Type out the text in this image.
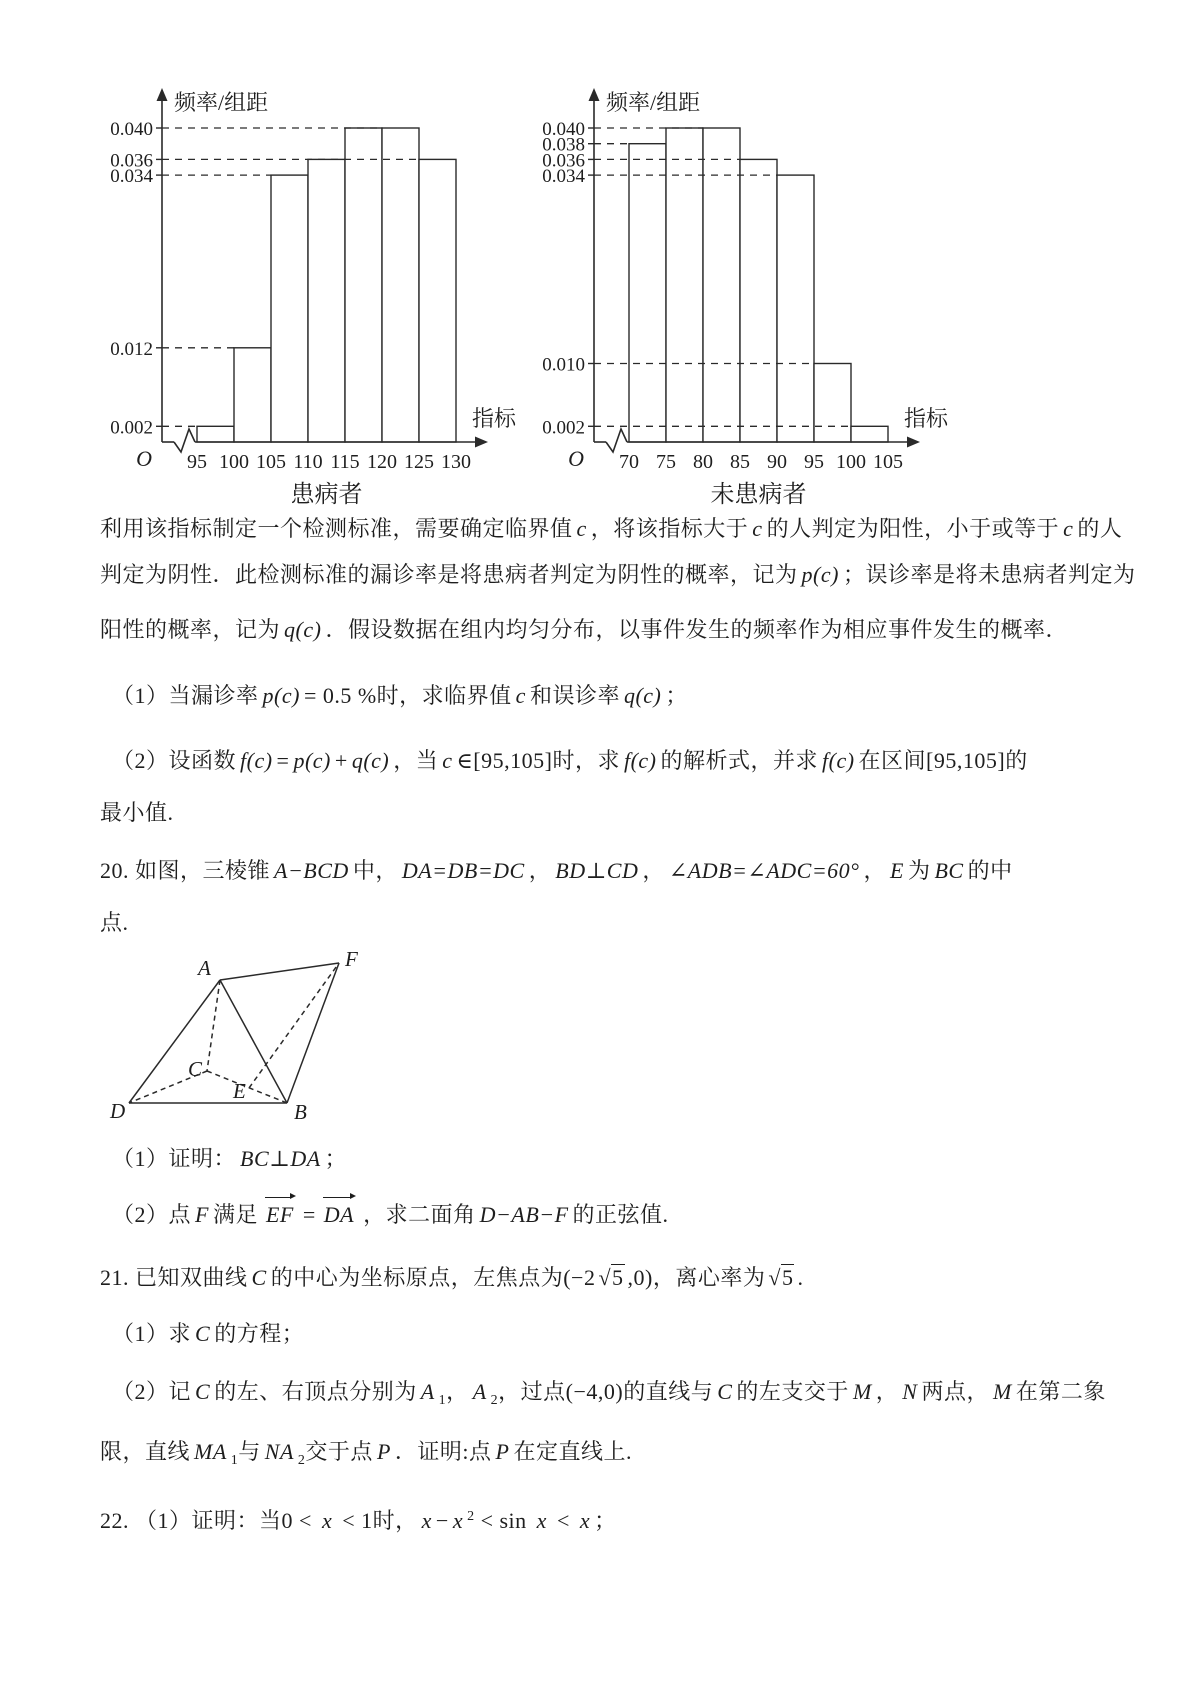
0.040
0.036
0.034
0.012
0.002
95 100 105 110 115 120 125 130
频率/组距
指标
O
患病者
0.040
0.038
0.036
0.034
0.010
0.002
70 75 80 85 90 95 100 105
频率/组距
指标
O
未患病者
A	F
C
E
D	B
利用该指标制定一个检测标准，需要确定临界值 c ，将该指标大于 c 的人判定为阳性，小于或等于 c 的人
判定为阴性．此检测标准的漏诊率是将患病者判定为阴性的概率，记为 p(c) ；误诊率是将未患病者判定为
阳性的概率，记为 q(c) ．假设数据在组内均匀分布，以事件发生的频率作为相应事件发生的概率．
（1）当漏诊率 p(c) = 0.5 %时，求临界值 c 和误诊率 q(c) ；
（2）设函数 f(c) = p(c) + q(c) ，当 c ∈[95,105]时，求 f(c) 的解析式，并求 f(c) 在区间[95,105]的
最小值.
20. 如图，三棱锥 A−BCD 中， DA=DB=DC ， BD⊥CD ， ∠ADB=∠ADC=60° ， E 为 BC 的中
点.
（1）证明： BC⊥DA ；
（2）点 F 满足 EF = DA ，求二面角 D−AB−F 的正弦值.
21. 已知双曲线 C 的中心为坐标原点，左焦点为(−2 √5 ,0)，离心率为 √5 .
（1）求 C 的方程；
（2）记 C 的左、右顶点分别为 A $_1$， A $_2$，过点(−4,0)的直线与 C 的左支交于 M ， N 两点， M 在第二象
限，直线 MA $_1$与 NA $_2$交于点 P ．证明:点 P 在定直线上.
22. （1）证明：当0 < x < 1时， x − x $^2$ < sin x < x ；
